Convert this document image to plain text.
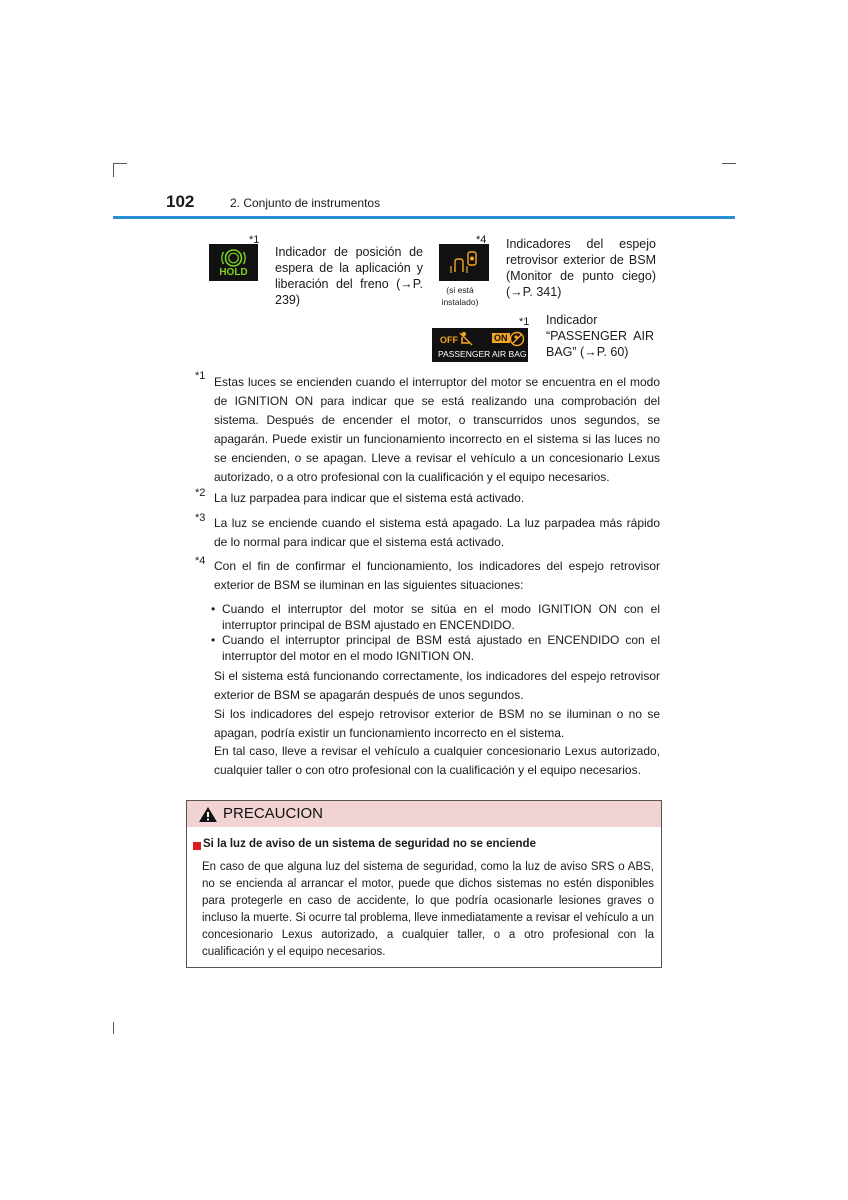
102	2. Conjunto de instrumentos
HOLD
*1
Indicador de posición de espera de la aplicación y liberación del freno (→P. 239)
*4
(si está instalado)
Indicadores del espejo retrovisor exterior de BSM (Monitor de punto ciego) (→P. 341)
OFF	ON
PASSENGER AIR BAG
*1 Indicador “PASSENGER AIR BAG” (→P. 60)
*1 Estas luces se encienden cuando el interruptor del motor se encuentra en el modo de IGNITION ON para indicar que se está realizando una comprobación del sistema. Después de encender el motor, o transcurridos unos segundos, se apagarán. Puede existir un funcionamiento incorrecto en el sistema si las luces no se encienden, o se apagan. Lleve a revisar el vehículo a un concesionario Lexus autorizado, o a otro profesional con la cualificación y el equipo necesarios.
*2 La luz parpadea para indicar que el sistema está activado.
*3 La luz se enciende cuando el sistema está apagado. La luz parpadea más rápido de lo normal para indicar que el sistema está activado.
*4 Con el fin de confirmar el funcionamiento, los indicadores del espejo retrovisor exterior de BSM se iluminan en las siguientes situaciones:
• Cuando el interruptor del motor se sitúa en el modo IGNITION ON con el interruptor principal de BSM ajustado en ENCENDIDO.
• Cuando el interruptor principal de BSM está ajustado en ENCENDIDO con el interruptor del motor en el modo IGNITION ON.
Si el sistema está funcionando correctamente, los indicadores del espejo retrovisor exterior de BSM se apagarán después de unos segundos.
Si los indicadores del espejo retrovisor exterior de BSM no se iluminan o no se apagan, podría existir un funcionamiento incorrecto en el sistema.
En tal caso, lleve a revisar el vehículo a cualquier concesionario Lexus autorizado, cualquier taller o con otro profesional con la cualificación y el equipo necesarios.
PRECAUCION
Si la luz de aviso de un sistema de seguridad no se enciende
En caso de que alguna luz del sistema de seguridad, como la luz de aviso SRS o ABS, no se encienda al arrancar el motor, puede que dichos sistemas no estén disponibles para protegerle en caso de accidente, lo que podría ocasionarle lesiones graves o incluso la muerte. Si ocurre tal problema, lleve inmediatamente a revisar el vehículo a un concesionario Lexus autorizado, a cualquier taller, o a otro profesional con la cualificación y el equipo necesarios.
